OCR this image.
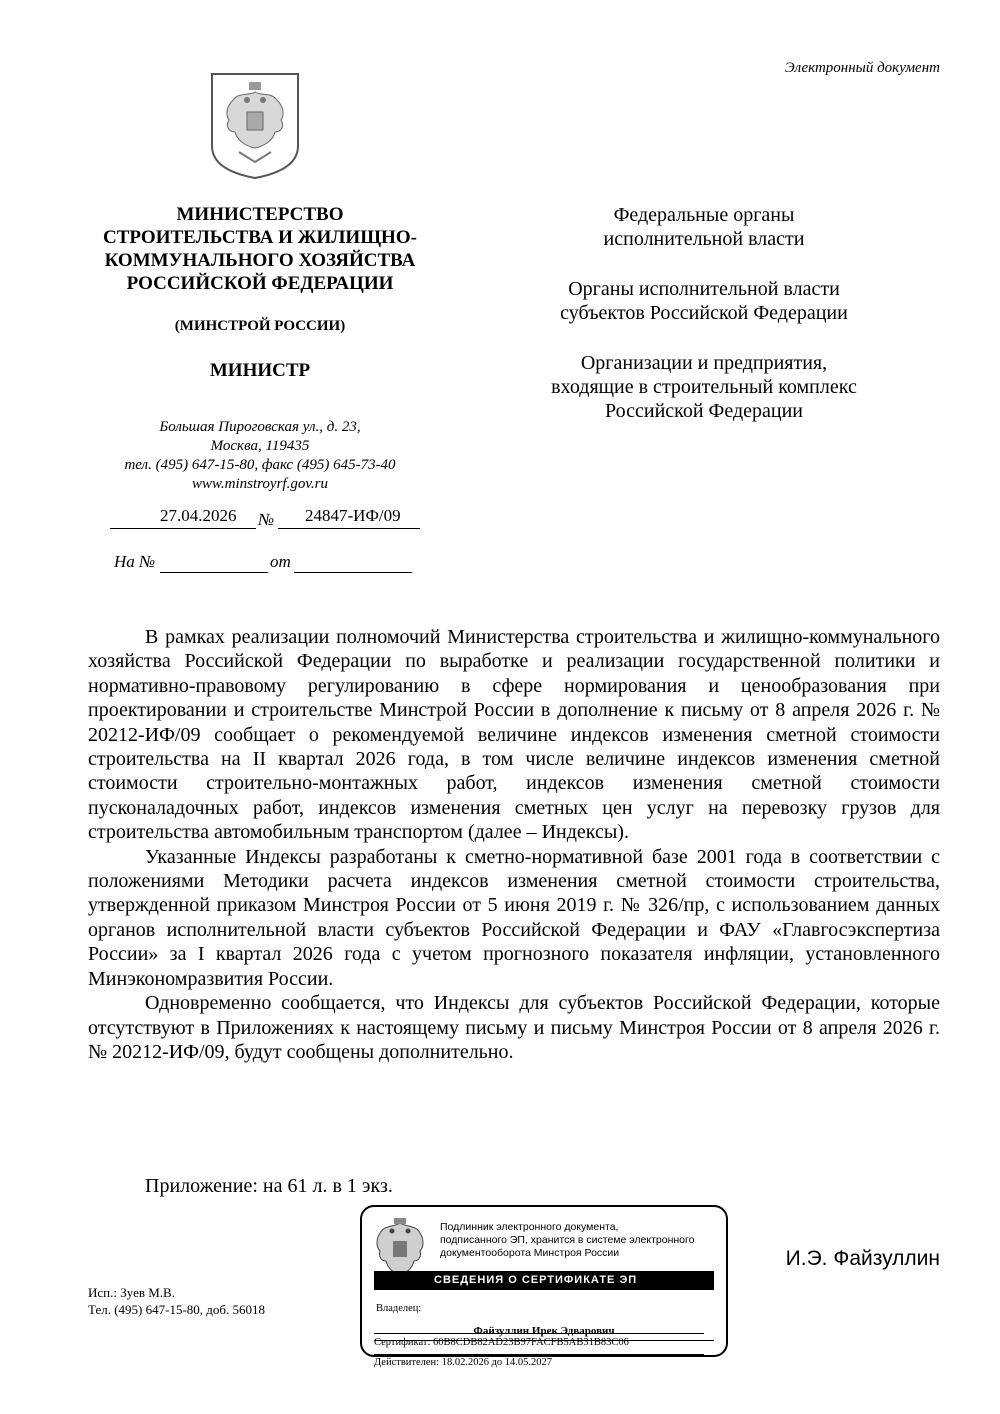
Электронный документ
МИНИСТЕРСТВО
СТРОИТЕЛЬСТВА И ЖИЛИЩНО-
КОММУНАЛЬНОГО ХОЗЯЙСТВА
РОССИЙСКОЙ ФЕДЕРАЦИИ
(МИНСТРОЙ РОССИИ)
МИНИСТР
Большая Пироговская ул., д. 23,
Москва, 119435
тел. (495) 647-15-80, факс (495) 645-73-40
www.minstroyrf.gov.ru
27.04.2026 № 24847-ИФ/09
На №	от

Федеральные органы
исполнительной власти

Органы исполнительной власти
субъектов Российской Федерации

Организации и предприятия,
входящие в строительный комплекс
Российской Федерации

В рамках реализации полномочий Министерства строительства и жилищно-коммунального хозяйства Российской Федерации по выработке и реализации государственной политики и нормативно-правовому регулированию в сфере нормирования и ценообразования при проектировании и строительстве Минстрой России в дополнение к письму от 8 апреля 2026 г. № 20212-ИФ/09 сообщает о рекомендуемой величине индексов изменения сметной стоимости строительства на II квартал 2026 года, в том числе величине индексов изменения сметной стоимости строительно-монтажных работ, индексов изменения сметной стоимости пусконаладочных работ, индексов изменения сметных цен услуг на перевозку грузов для строительства автомобильным транспортом (далее – Индексы).

Указанные Индексы разработаны к сметно-нормативной базе 2001 года в соответствии с положениями Методики расчета индексов изменения сметной стоимости строительства, утвержденной приказом Минстроя России от 5 июня 2019 г. № 326/пр, с использованием данных органов исполнительной власти субъектов Российской Федерации и ФАУ «Главгосэкспертиза России» за I квартал 2026 года с учетом прогнозного показателя инфляции, установленного Минэкономразвития России.

Одновременно сообщается, что Индексы для субъектов Российской Федерации, которые отсутствуют в Приложениях к настоящему письму и письму Минстроя России от 8 апреля 2026 г. № 20212-ИФ/09, будут сообщены дополнительно.

Приложение: на 61 л. в 1 экз.
Подлинник электронного документа,
подписанного ЭП, хранится в системе электронного
документооборота Минстроя России
СВЕДЕНИЯ О СЕРТИФИКАТЕ ЭП
Владелец:
Файзуллин Ирек Эдварович
Сертификат: 60B8CDB82AD23B97FACFB5AB31B83C06
И.Э. Файзуллин
Исп.: Зуев М.В.
Тел. (495) 647-15-80, доб. 56018
Действителен: 18.02.2026 до 14.05.2027
